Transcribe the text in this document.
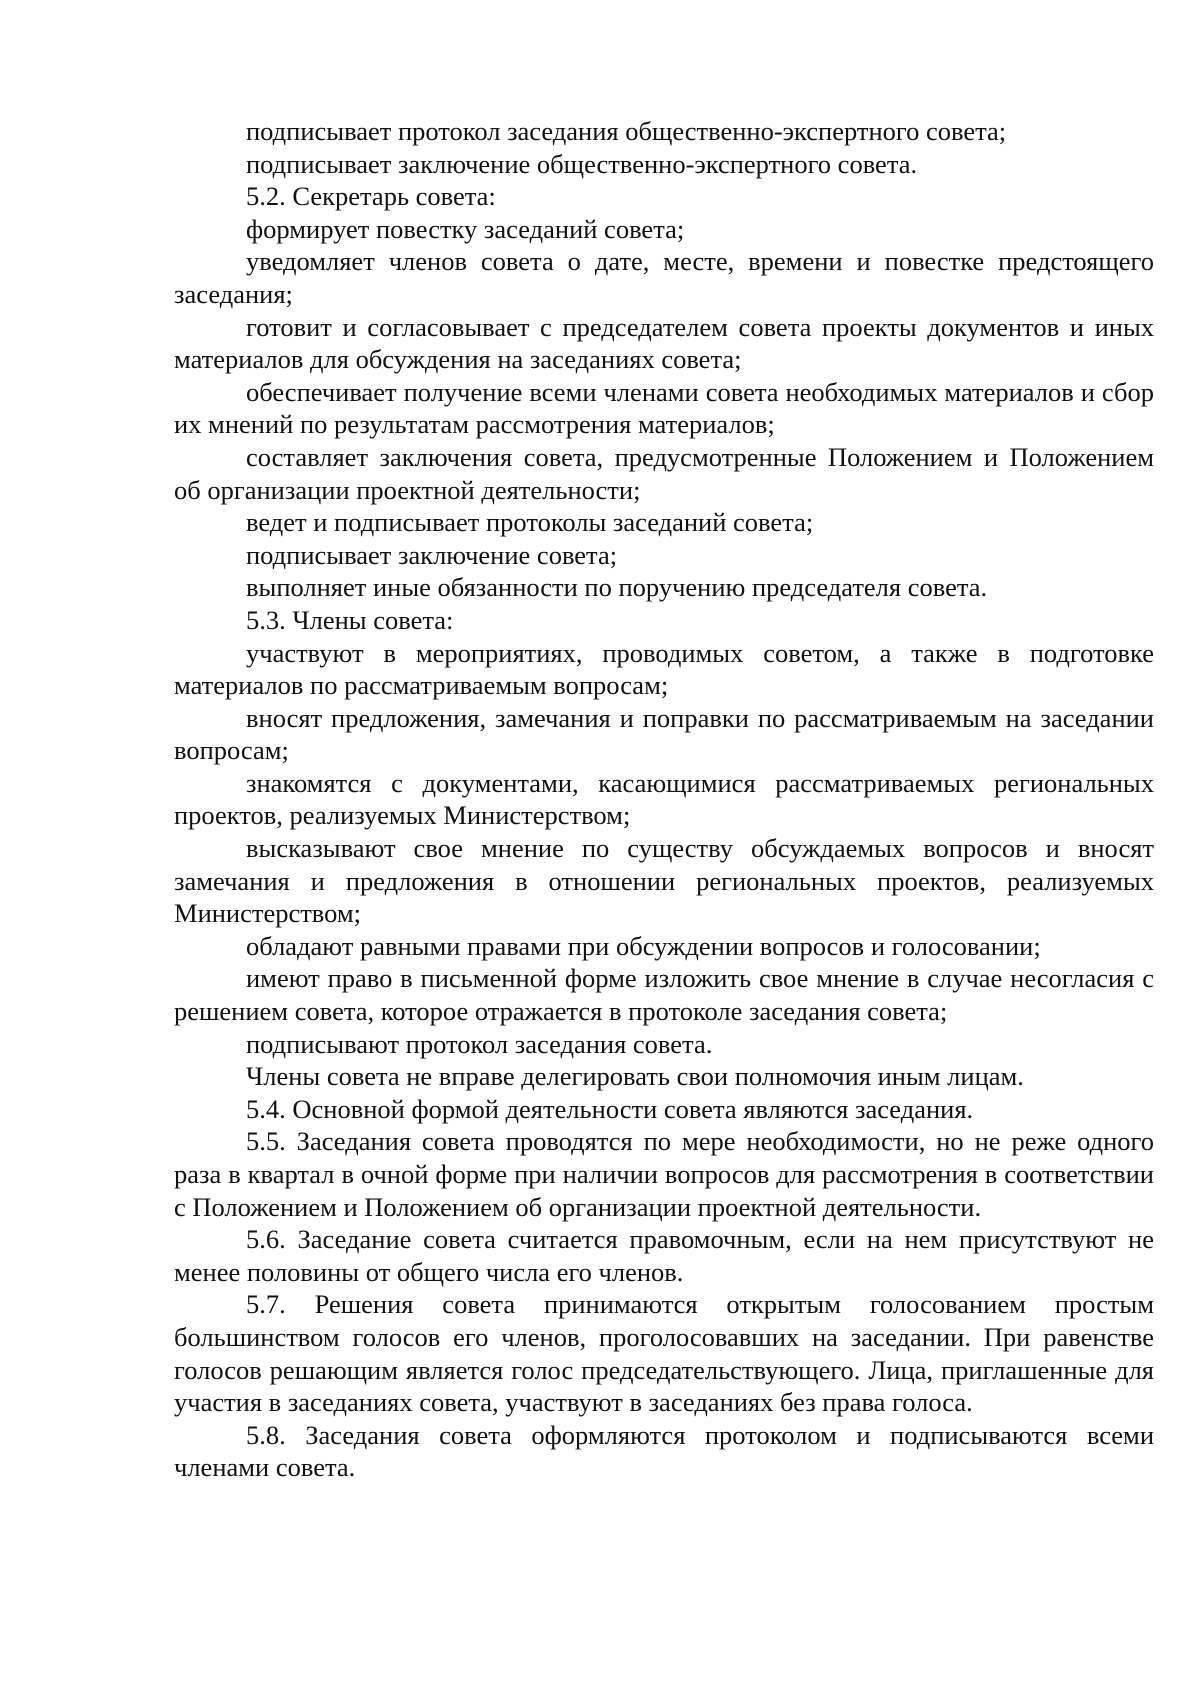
подписывает протокол заседания общественно-экспертного совета;

подписывает заключение общественно-экспертного совета.

5.2. Секретарь совета:

формирует повестку заседаний совета;

уведомляет членов совета о дате, месте, времени и повестке предстоящего заседания;

готовит и согласовывает с председателем совета проекты документов и иных материалов для обсуждения на заседаниях совета;

обеспечивает получение всеми членами совета необходимых материалов и сбор их мнений по результатам рассмотрения материалов;

составляет заключения совета, предусмотренные Положением и Положением об организации проектной деятельности;

ведет и подписывает протоколы заседаний совета;

подписывает заключение совета;

выполняет иные обязанности по поручению председателя совета.

5.3. Члены совета:

участвуют в мероприятиях, проводимых советом, а также в подготовке материалов по рассматриваемым вопросам;

вносят предложения, замечания и поправки по рассматриваемым на заседании вопросам;

знакомятся с документами, касающимися рассматриваемых региональных проектов, реализуемых Министерством;

высказывают свое мнение по существу обсуждаемых вопросов и вносят замечания и предложения в отношении региональных проектов, реализуемых Министерством;

обладают равными правами при обсуждении вопросов и голосовании;

имеют право в письменной форме изложить свое мнение в случае несогласия с решением совета, которое отражается в протоколе заседания совета;

подписывают протокол заседания совета.

Члены совета не вправе делегировать свои полномочия иным лицам.

5.4. Основной формой деятельности совета являются заседания.

5.5. Заседания совета проводятся по мере необходимости, но не реже одного раза в квартал в очной форме при наличии вопросов для рассмотрения в соответствии с Положением и Положением об организации проектной деятельности.

5.6. Заседание совета считается правомочным, если на нем присутствуют не менее половины от общего числа его членов.

5.7. Решения совета принимаются открытым голосованием простым большинством голосов его членов, проголосовавших на заседании. При равенстве голосов решающим является голос председательствующего. Лица, приглашенные для участия в заседаниях совета, участвуют в заседаниях без права голоса.

5.8. Заседания совета оформляются протоколом и подписываются всеми членами совета.
